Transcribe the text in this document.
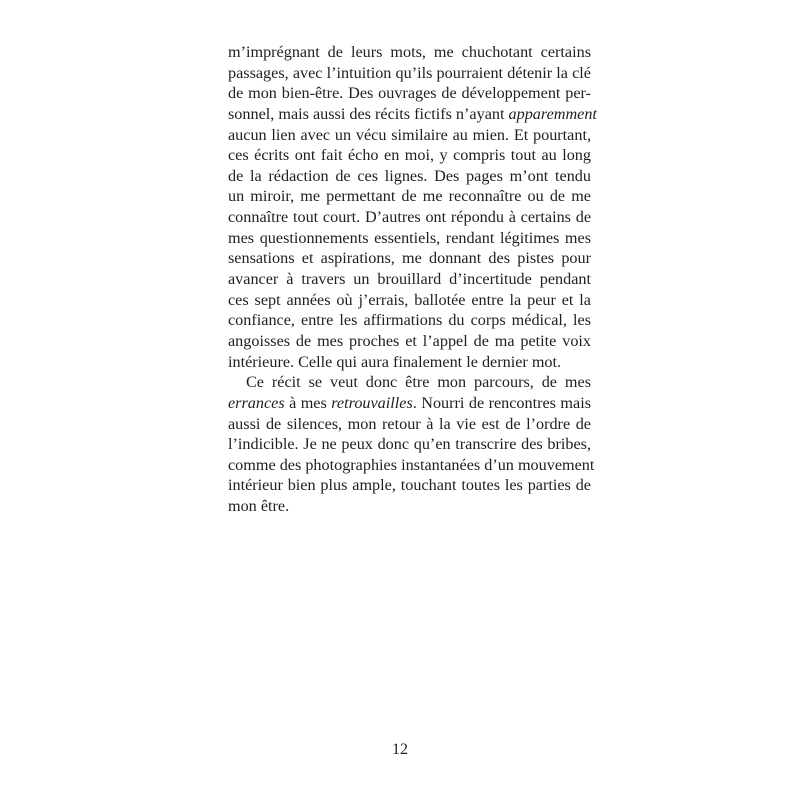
m’imprégnant de leurs mots, me chuchotant certains
passages, avec l’intuition qu’ils pourraient détenir la clé
de mon bien-être. Des ouvrages de développement per-
sonnel, mais aussi des récits fictifs n’ayant apparemment
aucun lien avec un vécu similaire au mien. Et pourtant,
ces écrits ont fait écho en moi, y compris tout au long
de la rédaction de ces lignes. Des pages m’ont tendu
un miroir, me permettant de me reconnaître ou de me
connaître tout court. D’autres ont répondu à certains de
mes questionnements essentiels, rendant légitimes mes
sensations et aspirations, me donnant des pistes pour
avancer à travers un brouillard d’incertitude pendant
ces sept années où j’errais, ballotée entre la peur et la
confiance, entre les affirmations du corps médical, les
angoisses de mes proches et l’appel de ma petite voix
intérieure. Celle qui aura finalement le dernier mot.
Ce récit se veut donc être mon parcours, de mes
errances à mes retrouvailles. Nourri de rencontres mais
aussi de silences, mon retour à la vie est de l’ordre de
l’indicible. Je ne peux donc qu’en transcrire des bribes,
comme des photographies instantanées d’un mouvement
intérieur bien plus ample, touchant toutes les parties de
mon être.
12
